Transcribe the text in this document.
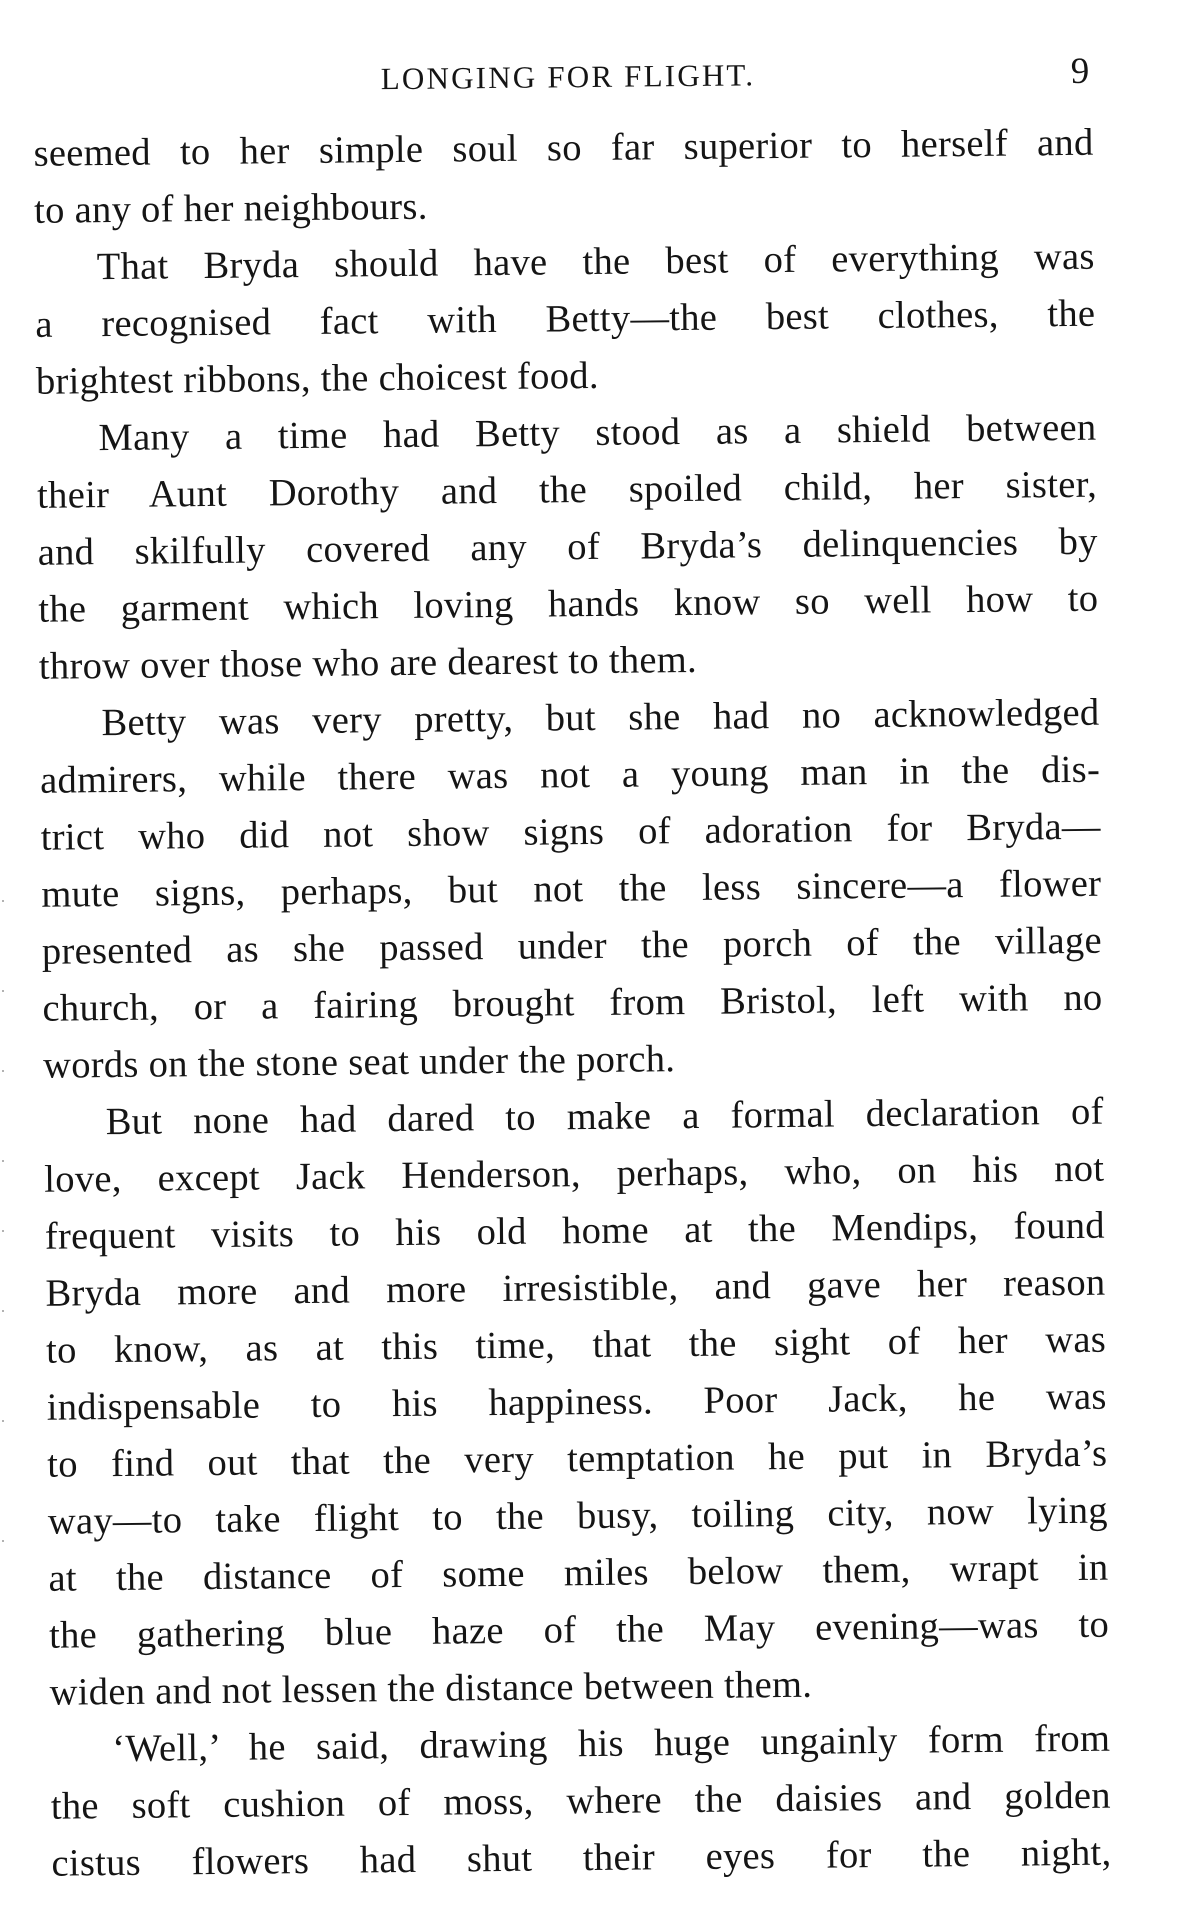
LONGING FOR FLIGHT.	9
seemed to her simple soul so far superior to herself and
to any of her neighbours.
That Bryda should have the best of everything was
a recognised fact with Betty—the best clothes, the
brightest ribbons, the choicest food.
Many a time had Betty stood as a shield between
their Aunt Dorothy and the spoiled child, her sister,
and skilfully covered any of Bryda’s delinquencies by
the garment which loving hands know so well how to
throw over those who are dearest to them.
Betty was very pretty, but she had no acknowledged
admirers, while there was not a young man in the dis-
trict who did not show signs of adoration for Bryda—
mute signs, perhaps, but not the less sincere—a flower
presented as she passed under the porch of the village
church, or a fairing brought from Bristol, left with no
words on the stone seat under the porch.
But none had dared to make a formal declaration of
love, except Jack Henderson, perhaps, who, on his not
frequent visits to his old home at the Mendips, found
Bryda more and more irresistible, and gave her reason
to know, as at this time, that the sight of her was
indispensable to his happiness. Poor Jack, he was
to find out that the very temptation he put in Bryda’s
way—to take flight to the busy, toiling city, now lying
at the distance of some miles below them, wrapt in
the gathering blue haze of the May evening—was to
widen and not lessen the distance between them.
‘Well,’ he said, drawing his huge ungainly form from
the soft cushion of moss, where the daisies and golden
cistus flowers had shut their eyes for the night,
